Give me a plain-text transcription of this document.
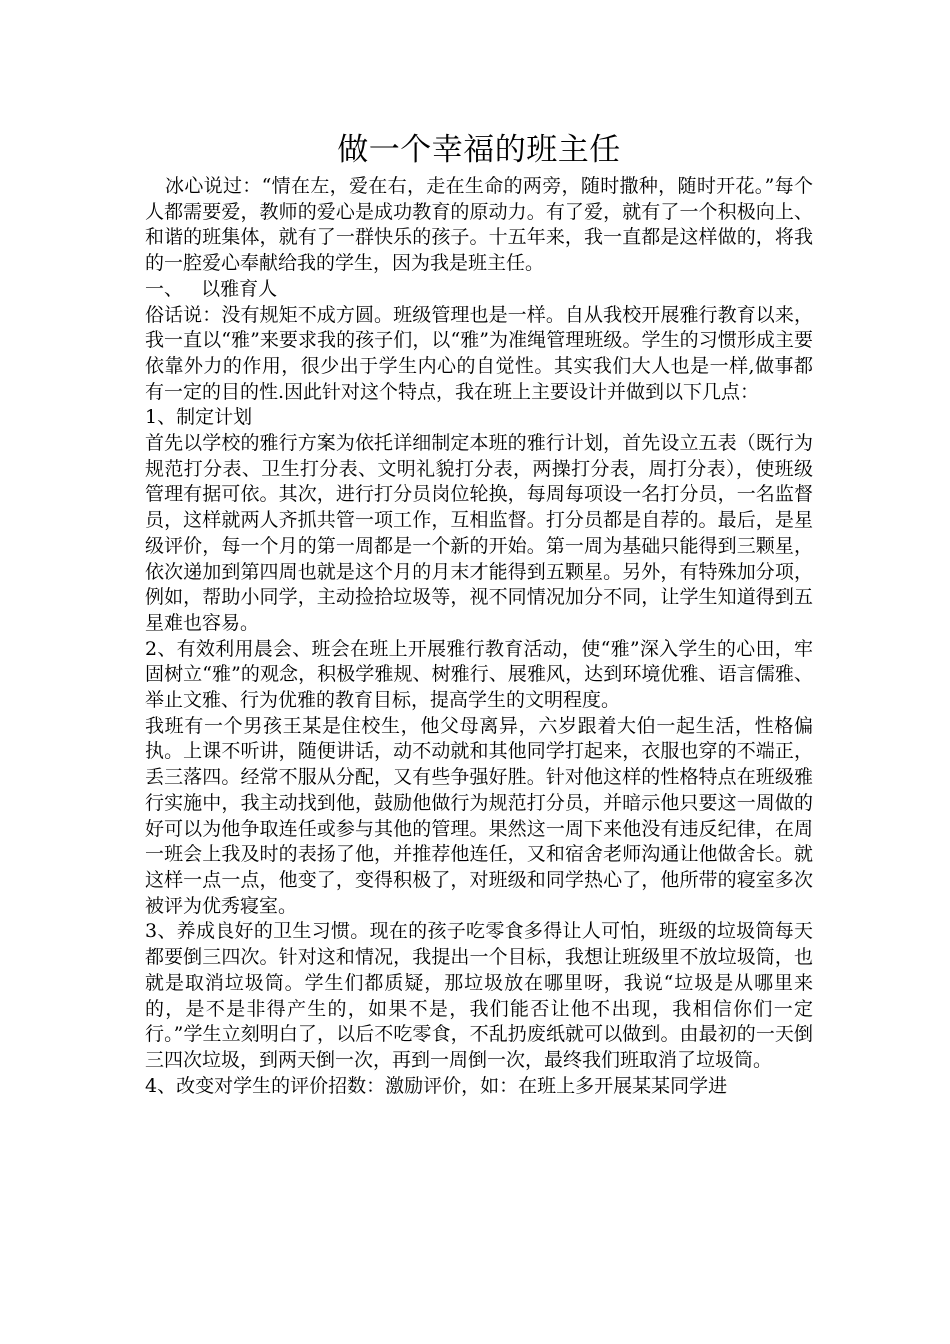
做一个幸福的班主任

冰心说过：“情在左，爱在右，走在生命的两旁，随时撒种，随时开花。”每个人都需要爱，教师的爱心是成功教育的原动力。有了爱，就有了一个积极向上、和谐的班集体，就有了一群快乐的孩子。十五年来，我一直都是这样做的，将我的一腔爱心奉献给我的学生，因为我是班主任。

一、   以雅育人

俗话说：没有规矩不成方圆。班级管理也是一样。自从我校开展雅行教育以来，我一直以“雅”来要求我的孩子们，以“雅”为准绳管理班级。学生的习惯形成主要依靠外力的作用，很少出于学生内心的自觉性。其实我们大人也是一样,做事都有一定的目的性.因此针对这个特点，我在班上主要设计并做到以下几点：

1、制定计划

首先以学校的雅行方案为依托详细制定本班的雅行计划，首先设立五表（既行为规范打分表、卫生打分表、文明礼貌打分表，两操打分表，周打分表），使班级管理有据可依。其次，进行打分员岗位轮换，每周每项设一名打分员，一名监督员，这样就两人齐抓共管一项工作，互相监督。打分员都是自荐的。最后，是星级评价，每一个月的第一周都是一个新的开始。第一周为基础只能得到三颗星，依次递加到第四周也就是这个月的月末才能得到五颗星。另外，有特殊加分项，例如，帮助小同学，主动捡拾垃圾等，视不同情况加分不同，让学生知道得到五星难也容易。

2、有效利用晨会、班会在班上开展雅行教育活动，使“雅”深入学生的心田，牢固树立“雅”的观念，积极学雅规、树雅行、展雅风，达到环境优雅、语言儒雅、举止文雅、行为优雅的教育目标，提高学生的文明程度。

我班有一个男孩王某是住校生，他父母离异，六岁跟着大伯一起生活，性格偏执。上课不听讲，随便讲话，动不动就和其他同学打起来，衣服也穿的不端正，丢三落四。经常不服从分配，又有些争强好胜。针对他这样的性格特点在班级雅行实施中，我主动找到他，鼓励他做行为规范打分员，并暗示他只要这一周做的好可以为他争取连任或参与其他的管理。果然这一周下来他没有违反纪律，在周一班会上我及时的表扬了他，并推荐他连任，又和宿舍老师沟通让他做舍长。就这样一点一点，他变了，变得积极了，对班级和同学热心了，他所带的寝室多次被评为优秀寝室。

3、养成良好的卫生习惯。现在的孩子吃零食多得让人可怕，班级的垃圾筒每天都要倒三四次。针对这和情况，我提出一个目标，我想让班级里不放垃圾筒，也就是取消垃圾筒。学生们都质疑，那垃圾放在哪里呀，我说“垃圾是从哪里来的，是不是非得产生的，如果不是，我们能否让他不出现，我相信你们一定行。”学生立刻明白了，以后不吃零食，不乱扔废纸就可以做到。由最初的一天倒三四次垃圾，到两天倒一次，再到一周倒一次，最终我们班取消了垃圾筒。

4、改变对学生的评价招数：激励评价，如：在班上多开展某某同学进
